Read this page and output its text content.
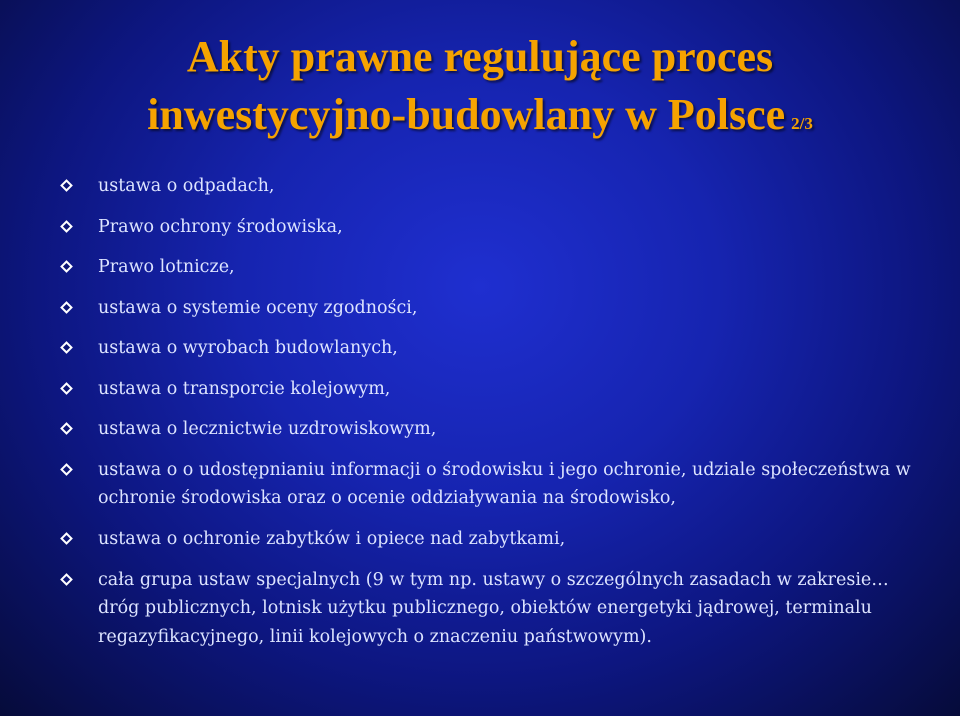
Akty prawne regulujące proces
inwestycyjno-budowlany w Polsce 2/3
ustawa o odpadach,
Prawo ochrony środowiska,
Prawo lotnicze,
ustawa o systemie oceny zgodności,
ustawa o wyrobach budowlanych,
ustawa o transporcie kolejowym,
ustawa o lecznictwie uzdrowiskowym,
ustawa o o udostępnianiu informacji o środowisku i jego ochronie, udziale społeczeństwa w ochronie środowiska oraz o ocenie oddziaływania na środowisko,
ustawa o ochronie zabytków i opiece nad zabytkami,
cała grupa ustaw specjalnych (9 w tym np. ustawy o szczególnych zasadach w zakresie… dróg publicznych, lotnisk użytku publicznego, obiektów energetyki jądrowej, terminalu regazyfikacyjnego, linii kolejowych o znaczeniu państwowym).
